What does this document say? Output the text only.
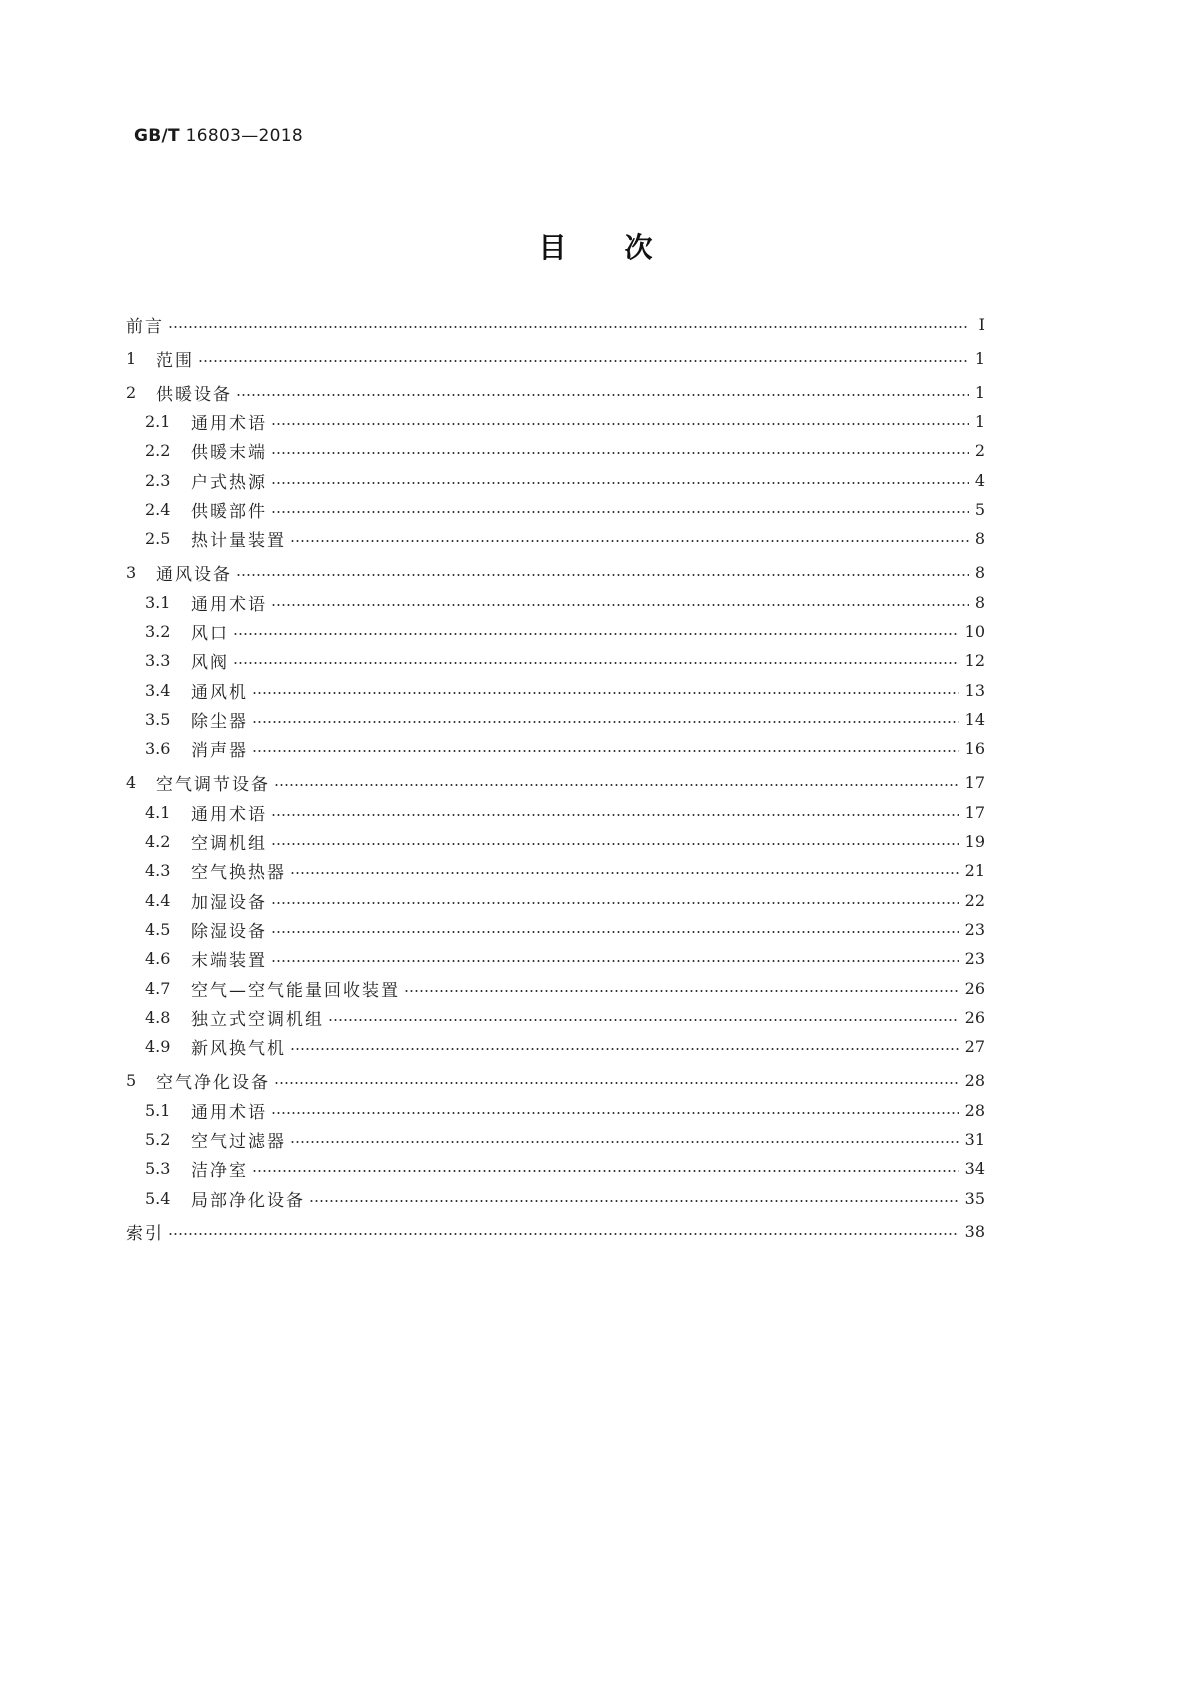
GB/T 16803—2018
目次
前言	Ⅰ
1	范围	1
2	供暖设备	1
2.1	通用术语	1
2.2	供暖末端	2
2.3	户式热源	4
2.4	供暖部件	5
2.5	热计量装置	8
3	通风设备	8
3.1	通用术语	8
3.2	风口	10
3.3	风阀	12
3.4	通风机	13
3.5	除尘器	14
3.6	消声器	16
4	空气调节设备	17
4.1	通用术语	17
4.2	空调机组	19
4.3	空气换热器	21
4.4	加湿设备	22
4.5	除湿设备	23
4.6	末端装置	23
4.7	空气—空气能量回收装置	26
4.8	独立式空调机组	26
4.9	新风换气机	27
5	空气净化设备	28
5.1	通用术语	28
5.2	空气过滤器	31
5.3	洁净室	34
5.4	局部净化设备	35
索引	38
